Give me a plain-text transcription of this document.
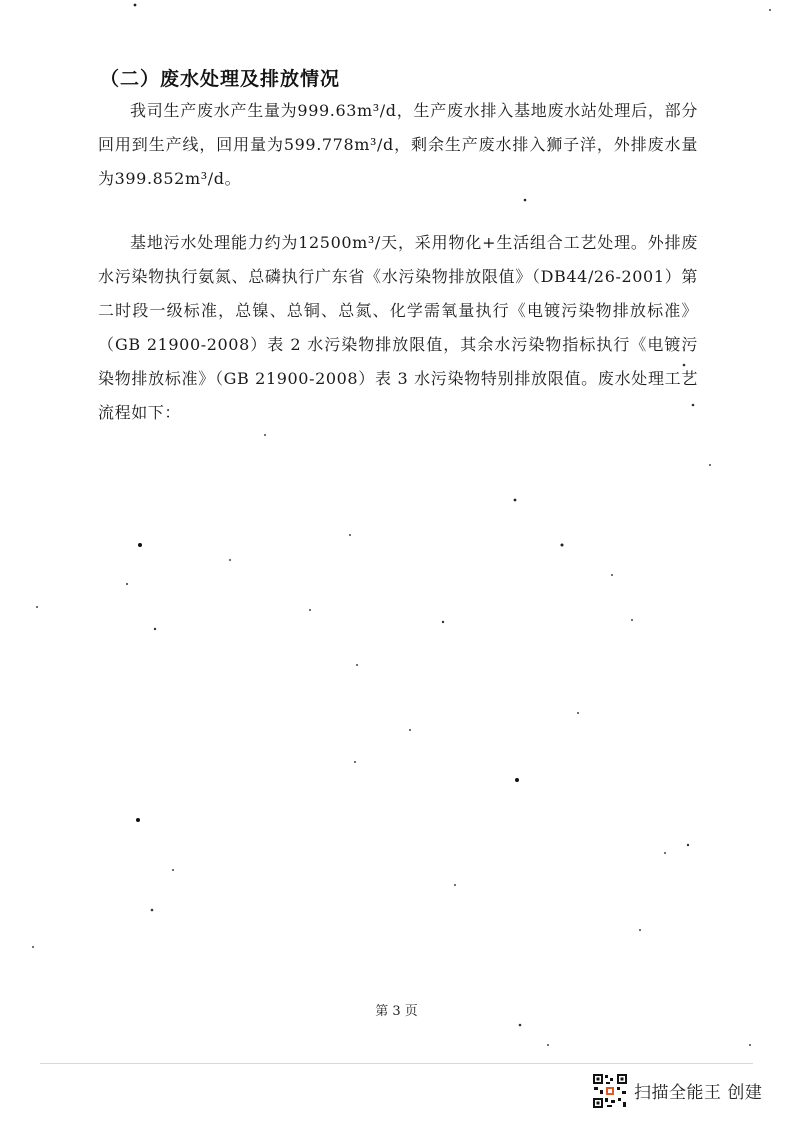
（二）废水处理及排放情况

我司生产废水产生量为999.63m³/d，生产废水排入基地废水站处理后，部分回用到生产线，回用量为599.778m³/d，剩余生产废水排入狮子洋，外排废水量为399.852m³/d。

基地污水处理能力约为12500m³/天，采用物化+生活组合工艺处理。外排废水污染物执行氨氮、总磷执行广东省《水污染物排放限值》（DB44/26-2001）第二时段一级标准，总镍、总铜、总氮、化学需氧量执行《电镀污染物排放标准》（GB 21900-2008）表 2 水污染物排放限值，其余水污染物指标执行《电镀污染物排放标准》（GB 21900-2008）表 3 水污染物特别排放限值。废水处理工艺流程如下：

第 3 页
扫描全能王 创建
